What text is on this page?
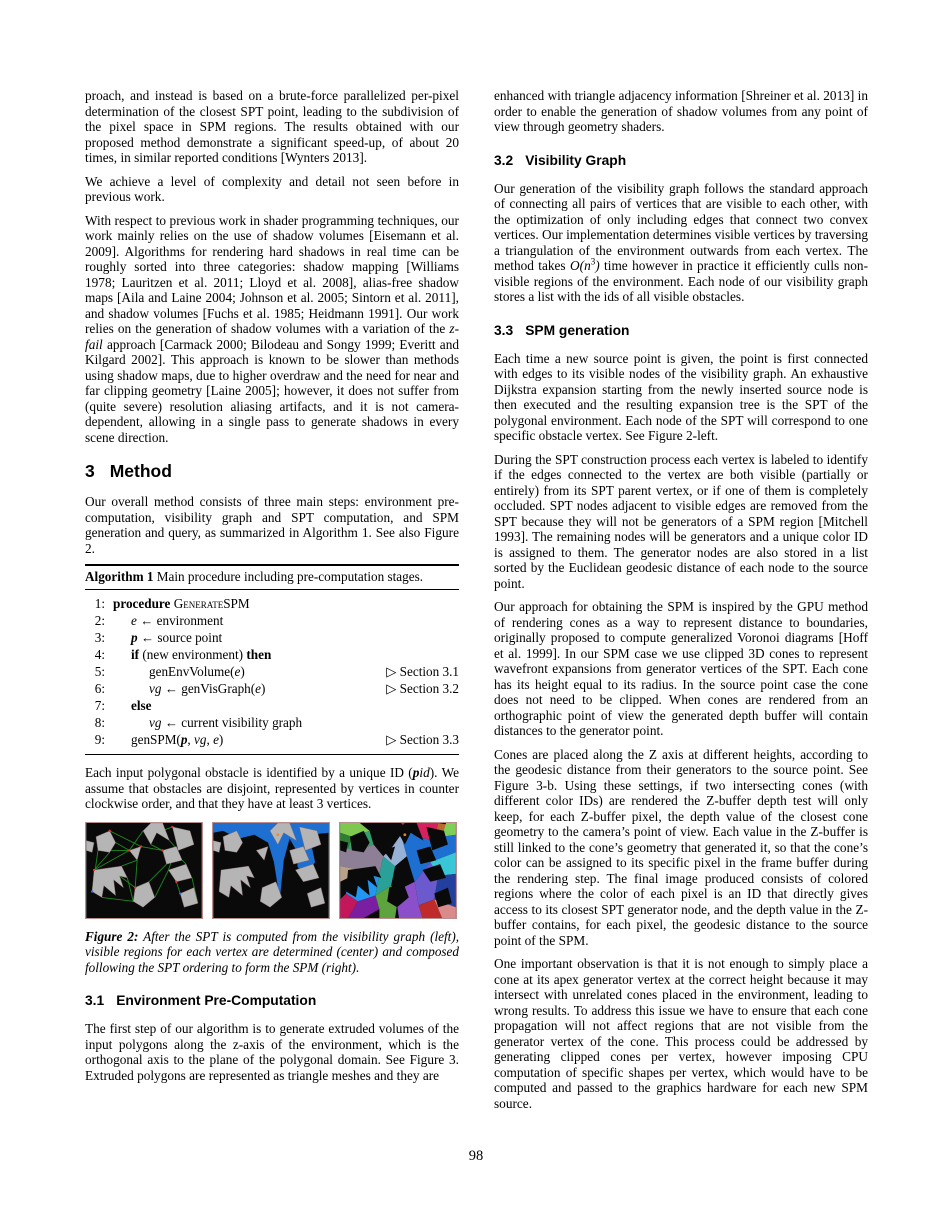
proach, and instead is based on a brute-force parallelized per-pixel determination of the closest SPT point, leading to the subdivision of the pixel space in SPM regions. The results obtained with our proposed method demonstrate a significant speed-up, of about 20 times, in similar reported conditions [Wynters 2013].

We achieve a level of complexity and detail not seen before in previous work.

With respect to previous work in shader programming techniques, our work mainly relies on the use of shadow volumes [Eisemann et al. 2009]. Algorithms for rendering hard shadows in real time can be roughly sorted into three categories: shadow mapping [Williams 1978; Lauritzen et al. 2011; Lloyd et al. 2008], alias-free shadow maps [Aila and Laine 2004; Johnson et al. 2005; Sintorn et al. 2011], and shadow volumes [Fuchs et al. 1985; Heidmann 1991]. Our work relies on the generation of shadow volumes with a variation of the z-fail approach [Carmack 2000; Bilodeau and Songy 1999; Everitt and Kilgard 2002]. This approach is known to be slower than methods using shadow maps, due to higher overdraw and the need for near and far clipping geometry [Laine 2005]; however, it does not suffer from (quite severe) resolution aliasing artifacts, and it is not camera-dependent, allowing in a single pass to generate shadows in every scene direction.

3 Method

Our overall method consists of three main steps: environment pre-computation, visibility graph and SPT computation, and SPM generation and query, as summarized in Algorithm 1. See also Figure 2.

Algorithm 1 Main procedure including pre-computation stages.
1: procedure GenerateSPM
2:	e ← environment
3:	p ← source point
4:	if (new environment) then
5:	genEnvVolume(e)	▷ Section 3.1
6:	vg ← genVisGraph(e)	▷ Section 3.2
7:	else
8:	vg ← current visibility graph
9:	genSPM(p, vg, e)	▷ Section 3.3

Each input polygonal obstacle is identified by a unique ID (pid). We assume that obstacles are disjoint, represented by vertices in counter clockwise order, and that they have at least 3 vertices.

Figure 2: After the SPT is computed from the visibility graph (left), visible regions for each vertex are determined (center) and composed following the SPT ordering to form the SPM (right).

3.1 Environment Pre-Computation

The first step of our algorithm is to generate extruded volumes of the input polygons along the z-axis of the environment, which is the orthogonal axis to the plane of the polygonal domain. See Figure 3. Extruded polygons are represented as triangle meshes and they are

enhanced with triangle adjacency information [Shreiner et al. 2013] in order to enable the generation of shadow volumes from any point of view through geometry shaders.

3.2 Visibility Graph

Our generation of the visibility graph follows the standard approach of connecting all pairs of vertices that are visible to each other, with the optimization of only including edges that connect two convex vertices. Our implementation determines visible vertices by traversing a triangulation of the environment outwards from each vertex. The method takes $O(n^3)$ time however in practice it efficiently culls non-visible regions of the environment. Each node of our visibility graph stores a list with the ids of all visible obstacles.

3.3 SPM generation

Each time a new source point is given, the point is first connected with edges to its visible nodes of the visibility graph. An exhaustive Dijkstra expansion starting from the newly inserted source node is then executed and the resulting expansion tree is the SPT of the polygonal environment. Each node of the SPT will correspond to one specific obstacle vertex. See Figure 2-left.

During the SPT construction process each vertex is labeled to identify if the edges connected to the vertex are both visible (partially or entirely) from its SPT parent vertex, or if one of them is completely occluded. SPT nodes adjacent to visible edges are removed from the SPT because they will not be generators of a SPM region [Mitchell 1993]. The remaining nodes will be generators and a unique color ID is assigned to them. The generator nodes are also stored in a list sorted by the Euclidean geodesic distance of each node to the source point.

Our approach for obtaining the SPM is inspired by the GPU method of rendering cones as a way to represent distance to boundaries, originally proposed to compute generalized Voronoi diagrams [Hoff et al. 1999]. In our SPM case we use clipped 3D cones to represent wavefront expansions from generator vertices of the SPT. Each cone has its height equal to its radius. In the source point case the cone does not need to be clipped. When cones are rendered from an orthographic point of view the generated depth buffer will contain distances to the generator point.

Cones are placed along the Z axis at different heights, according to the geodesic distance from their generators to the source point. See Figure 3-b. Using these settings, if two intersecting cones (with different color IDs) are rendered the Z-buffer depth test will only keep, for each Z-buffer pixel, the depth value of the closest cone geometry to the camera’s point of view. Each value in the Z-buffer is still linked to the cone’s geometry that generated it, so that the cone’s color can be assigned to its specific pixel in the frame buffer during the rendering step. The final image produced consists of colored regions where the color of each pixel is an ID that directly gives access to its closest SPT generator node, and the depth value in the Z-buffer contains, for each pixel, the geodesic distance to the source point of the SPM.

One important observation is that it is not enough to simply place a cone at its apex generator vertex at the correct height because it may intersect with unrelated cones placed in the environment, leading to wrong results. To address this issue we have to ensure that each cone propagation will not affect regions that are not visible from the generator vertex of the cone. This process could be addressed by generating clipped cones per vertex, however imposing CPU computation of specific shapes per vertex, which would have to be computed and passed to the graphics hardware for each new SPM source.

98
